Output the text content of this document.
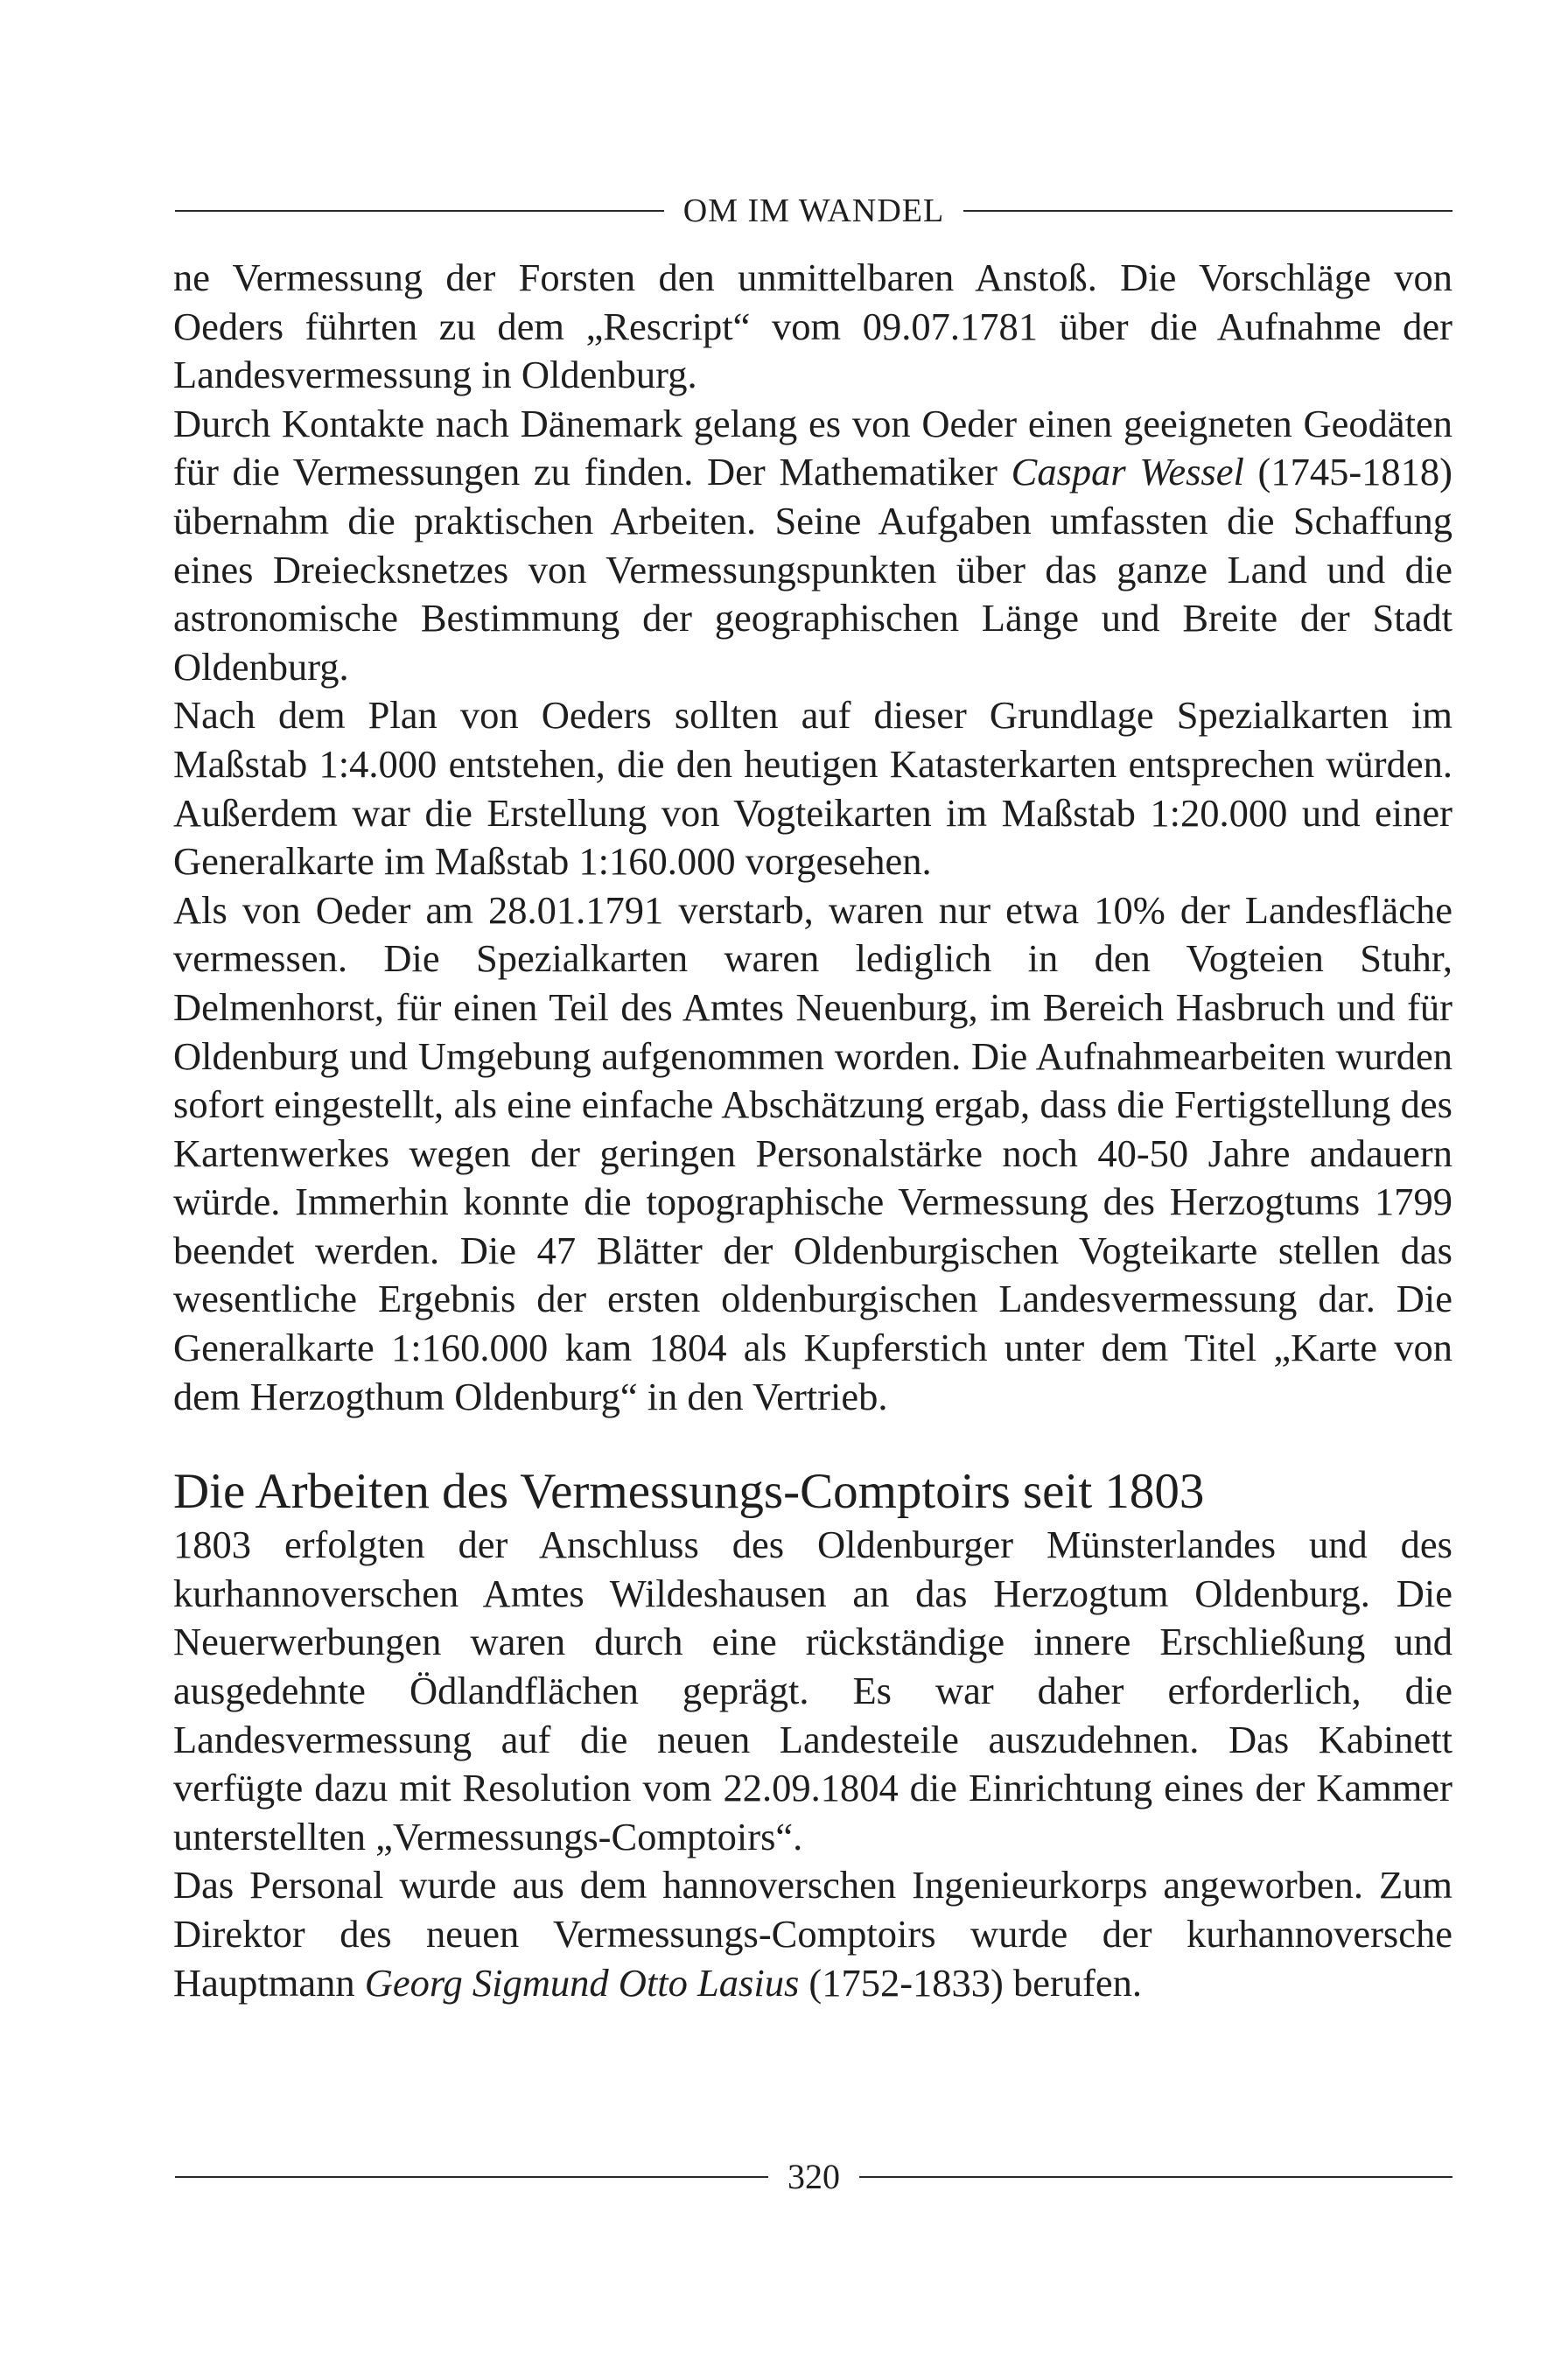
OM IM WANDEL

ne Vermessung der Forsten den unmittelbaren Anstoß. Die Vorschläge von Oeders führten zu dem „Rescript“ vom 09.07.1781 über die Aufnahme der Landesvermessung in Oldenburg.

Durch Kontakte nach Dänemark gelang es von Oeder einen geeigneten Geodäten für die Vermessungen zu finden. Der Mathematiker Caspar Wessel (1745-1818) übernahm die praktischen Arbeiten. Seine Aufgaben umfassten die Schaffung eines Dreiecksnetzes von Vermessungspunkten über das ganze Land und die astronomische Bestimmung der geographischen Länge und Breite der Stadt Oldenburg.

Nach dem Plan von Oeders sollten auf dieser Grundlage Spezialkarten im Maßstab 1:4.000 entstehen, die den heutigen Katasterkarten entsprechen würden. Außerdem war die Erstellung von Vogteikarten im Maßstab 1:20.000 und einer Generalkarte im Maßstab 1:160.000 vorgesehen.

Als von Oeder am 28.01.1791 verstarb, waren nur etwa 10% der Landesfläche vermessen. Die Spezialkarten waren lediglich in den Vogteien Stuhr, Delmenhorst, für einen Teil des Amtes Neuenburg, im Bereich Hasbruch und für Oldenburg und Umgebung aufgenommen worden. Die Aufnahmearbeiten wurden sofort eingestellt, als eine einfache Abschätzung ergab, dass die Fertigstellung des Kartenwerkes wegen der geringen Personalstärke noch 40-50 Jahre andauern würde. Immerhin konnte die topographische Vermessung des Herzogtums 1799 beendet werden. Die 47 Blätter der Oldenburgischen Vogteikarte stellen das wesentliche Ergebnis der ersten oldenburgischen Landesvermessung dar. Die Generalkarte 1:160.000 kam 1804 als Kupferstich unter dem Titel „Karte von dem Herzogthum Oldenburg“ in den Vertrieb.

Die Arbeiten des Vermessungs-Comptoirs seit 1803

1803 erfolgten der Anschluss des Oldenburger Münsterlandes und des kurhannoverschen Amtes Wildeshausen an das Herzogtum Oldenburg. Die Neuerwerbungen waren durch eine rückständige innere Erschließung und ausgedehnte Ödlandflächen geprägt. Es war daher erforderlich, die Landesvermessung auf die neuen Landesteile auszudehnen. Das Kabinett verfügte dazu mit Resolution vom 22.09.1804 die Einrichtung eines der Kammer unterstellten „Vermessungs-Comptoirs“.

Das Personal wurde aus dem hannoverschen Ingenieurkorps angeworben. Zum Direktor des neuen Vermessungs-Comptoirs wurde der kurhannoversche Hauptmann Georg Sigmund Otto Lasius (1752-1833) berufen.

320
